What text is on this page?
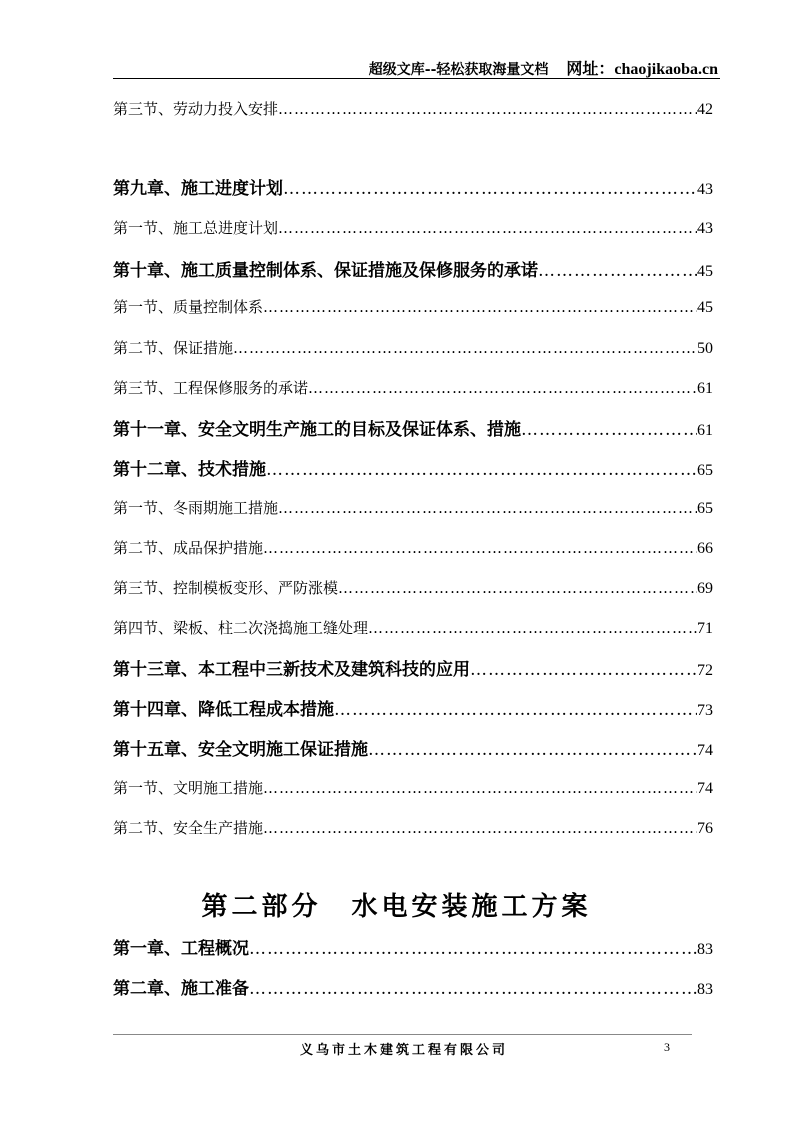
超级文库--轻松获取海量文档 网址：chaojikaoba.cn
第三节、劳动力投入安排 …………………………………………………………………………………………………………	42
第九章、施工进度计划 …………………………………………………………………………………………………………	43
第一节、施工总进度计划 …………………………………………………………………………………………………………	43
第十章、施工质量控制体系、保证措施及保修服务的承诺 …………………………………………………………………………………………………………	45
第一节、质量控制体系 …………………………………………………………………………………………………………	45
第二节、保证措施 …………………………………………………………………………………………………………	50
第三节、工程保修服务的承诺 …………………………………………………………………………………………………………	61
第十一章、安全文明生产施工的目标及保证体系、措施 …………………………………………………………………………………………………………	61
第十二章、技术措施 …………………………………………………………………………………………………………	65
第一节、冬雨期施工措施 …………………………………………………………………………………………………………	65
第二节、成品保护措施 …………………………………………………………………………………………………………	66
第三节、控制模板变形、严防涨模 …………………………………………………………………………………………………………	69
第四节、梁板、柱二次浇捣施工缝处理 …………………………………………………………………………………………………………	71
第十三章、本工程中三新技术及建筑科技的应用 …………………………………………………………………………………………………………	72
第十四章、降低工程成本措施 …………………………………………………………………………………………………………	73
第十五章、安全文明施工保证措施 …………………………………………………………………………………………………………	74
第一节、文明施工措施 …………………………………………………………………………………………………………	74
第二节、安全生产措施 …………………………………………………………………………………………………………	76
第一章、工程概况 …………………………………………………………………………………………………………	83
第二章、施工准备 …………………………………………………………………………………………………………	83
第二部分　水电安装施工方案
义乌市土木建筑工程有限公司	3
